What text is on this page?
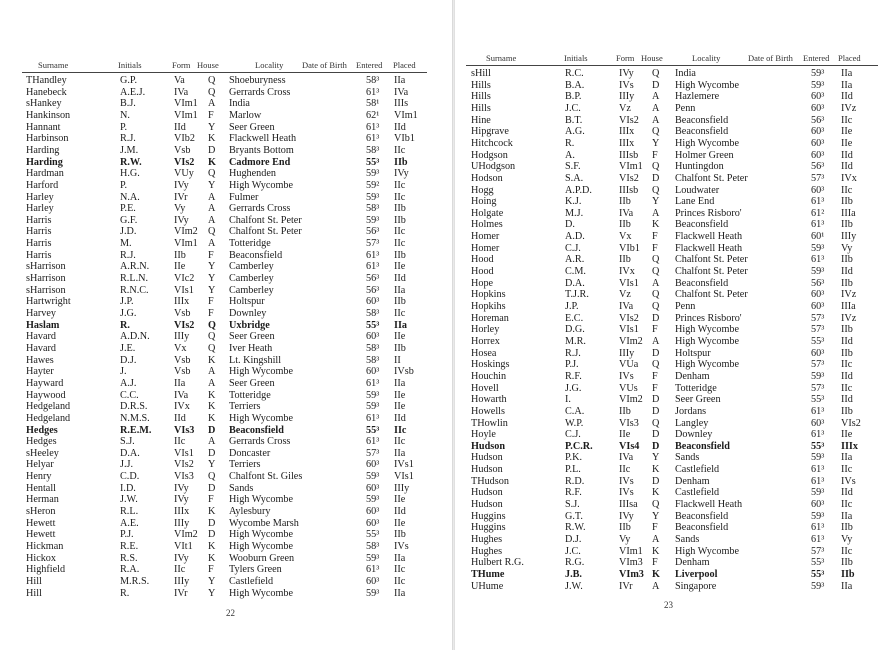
Surname	Initials	Form House	Locality Date of Birth Entered Placed
THandley	G.P.	Va Q Shoeburyness	58³ IIa
Hanebeck	A.E.J.	IVa Q Gerrards Cross	61³ IVa
sHankey	B.J.	VIm1 A India	58¹ IIIs
Hankinson	N.	VIm1 F Marlow	62¹ VIm1
Hannant	P.	IId Y Seer Green	61³ IId
Harbinson	R.J.	VIb2 K Flackwell Heath	61³ VIb1
Harding	J.M.	Vsb D Bryants Bottom	58³ IIc
Harding	R.W.	VIs2 K Cadmore End	55³ IIb
Hardman	H.G.	VUy Q Hughenden	59³ IVy
Harford	P.	IVy Y High Wycombe	59² IIc
Harley	N.A.	IVr A Fulmer	59³ IIc
Harley	P.E.	Vy A Gerrards Cross	58³ IIb
Harris	G.F.	IVy A Chalfont St. Peter	59³ IIb
Harris	J.D.	VIm2 Q Chalfont St. Peter	56³ IIc
Harris	M.	VIm1 A Totteridge	57³ IIc
Harris	R.J.	IIb F Beaconsfield	61³ IIb
sHarrison	A.R.N. IIe Y Camberley	61³ IIe
sHarrison	R.L.N.	VIc2 Y Camberley	56³ IId
sHarrison	R.N.C. VIs1 Y Camberley	56³ IIa
Hartwright	J.P.	IIIx F Holtspur	60³ IIb
Harvey	J.G.	Vsb F Downley	58³ IIc
Haslam	R.	VIs2 Q Uxbridge	55³ IIa
Havard	A.D.N. IIIy Q Seer Green	60³ IIe
Havard	J.E.	Vx Q Iver Heath	58³ IIb
Hawes	D.J.	Vsb K Lt. Kingshill	58³ II
Hayter	J.	Vsb A High Wycombe	60³ IVsb
Hayward	A.J.	IIa A Seer Green	61³ IIa
Haywood	C.C.	IVa K Totteridge	59³ IIe
Hedgeland	D.R.S.	IVx K Terriers	59³ IIe
Hedgeland	N.M.S. IId K High Wycombe	61³ IId
Hedges	R.E.M. VIs3 D Beaconsfield	55³ IIc
Hedges	S.J.	IIc A Gerrards Cross	61³ IIc
sHeeley	D.A.	VIs1 D Doncaster	57³ IIa
Helyar	J.J.	VIs2 Y Terriers	60³ IVs1
Henry	C.D.	VIs3 Q Chalfont St. Giles	59³ VIs1
Hentall	I.D.	IVy D Sands	60³ IIIy
Herman	J.W.	IVy F High Wycombe	59³ IIe
sHeron	R.L.	IIIx K Aylesbury	60³ IId
Hewett	A.E.	IIIy D Wycombe Marsh	60³ IIe
Hewett	P.J.	VIm2 D High Wycombe	55³ IIb
Hickman	R.E.	VIt1 K High Wycombe	58³ IVs
Hickox	R.S.	IVy K Wooburn Green	59³ IIa
Highfield	R.A.	IIc F Tylers Green	61³ IIc
Hill	M.R.S. IIIy Y Castlefield	60³ IIc
Hill	R.	IVr Y High Wycombe	59³ IIa
22
Surname	Initials	Form House	Locality	Date of Birth Entered Placed
sHill	R.C.	IVy Q India	59³ IIa
Hills	B.A.	IVs D High Wycombe	59³ IIa
Hills	B.P.	IIIy A Hazlemere	60³ IId
Hills	J.C.	Vz A Penn	60³ IVz
Hine	B.T.	VIs2 A Beaconsfield	56³ IIc
Hipgrave	A.G.	IIIx Q Beaconsfield	60³ IIe
Hitchcock	R.	IIIx Y High Wycombe	60³ IIe
Hodgson	A.	IIIsb F Holmer Green	60³ IId
UHodgson	S.F.	VIm1 Q Huntingdon	56³ IId
Hodson	S.A.	VIs2 D Chalfont St. Peter	57³ IVx
Hogg	A.P.D.	IIIsb Q Loudwater	60³ IIc
Hoing	K.J.	IIb Y Lane End	61³ IIb
Holgate	M.J.	IVa A Princes Risboro'	61² IIIa
Holmes	D.	IIb K Beaconsfield	61³ IIb
Homer	A.D.	Vx F Flackwell Heath	60¹ IIIy
Homer	C.J.	VIb1 F Flackwell Heath	59³ Vy
Hood	A.R.	IIb Q Chalfont St. Peter	61³ IIb
Hood	C.M.	IVx Q Chalfont St. Peter	59³ IId
Hope	D.A.	VIs1 A Beaconsfield	56³ IIb
Hopkins	T.J.R.	Vz Q Chalfont St. Peter	60³ IVz
Hopkihs	J.P.	IVa Q Penn	60³ IIIa
Horeman	E.C.	VIs2 D Princes Risboro'	57³ IVz
Horley	D.G.	VIs1 F High Wycombe	57³ IIb
Horrex	M.R.	VIm2 A High Wycombe	55³ IId
Hosea	R.J.	IIIy D Holtspur	60³ IIb
Hoskings	P.J.	VUa Q High Wycombe	57³ IIc
Houchin	R.F.	IVs F Denham	59³ IId
Hovell	J.G.	VUs F Totteridge	57³ IIc
Howarth	I.	VIm2 D Seer Green	55³ IId
Howells	C.A.	IIb D Jordans	61³ IIb
THowlin	W.P.	VIs3 Q Langley	60³ VIs2
Hoyle	C.J.	IIe D Downley	61³ IIe
Hudson	P.C.R.	VIs4 D Beaconsfield	55³ IIIx
Hudson	P.K.	IVa Y Sands	59³ IIa
Hudson	P.L.	IIc K Castlefield	61³ IIc
THudson	R.D.	IVs D Denham	61³ IVs
Hudson	R.F.	IVs K Castlefield	59³ IId
Hudson	S.J.	IIIsa Q Flackwell Heath	60³ IIc
Huggins	G.T.	IVy Y Beaconsfield	59³ IIa
Huggins	R.W.	IIb F Beaconsfield	61³ IIb
Hughes	D.J.	Vy A Sands	61³ Vy
Hughes	J.C.	VIm1 K High Wycombe	57³ IIc
Hulbert R.G.	R.G.	VIm3 F Denham	55³ IIb
THume	J.B.	VIm3 K Liverpool	55³ IIb
UHume	J.W.	IVr A Singapore	59³ IIa
23
